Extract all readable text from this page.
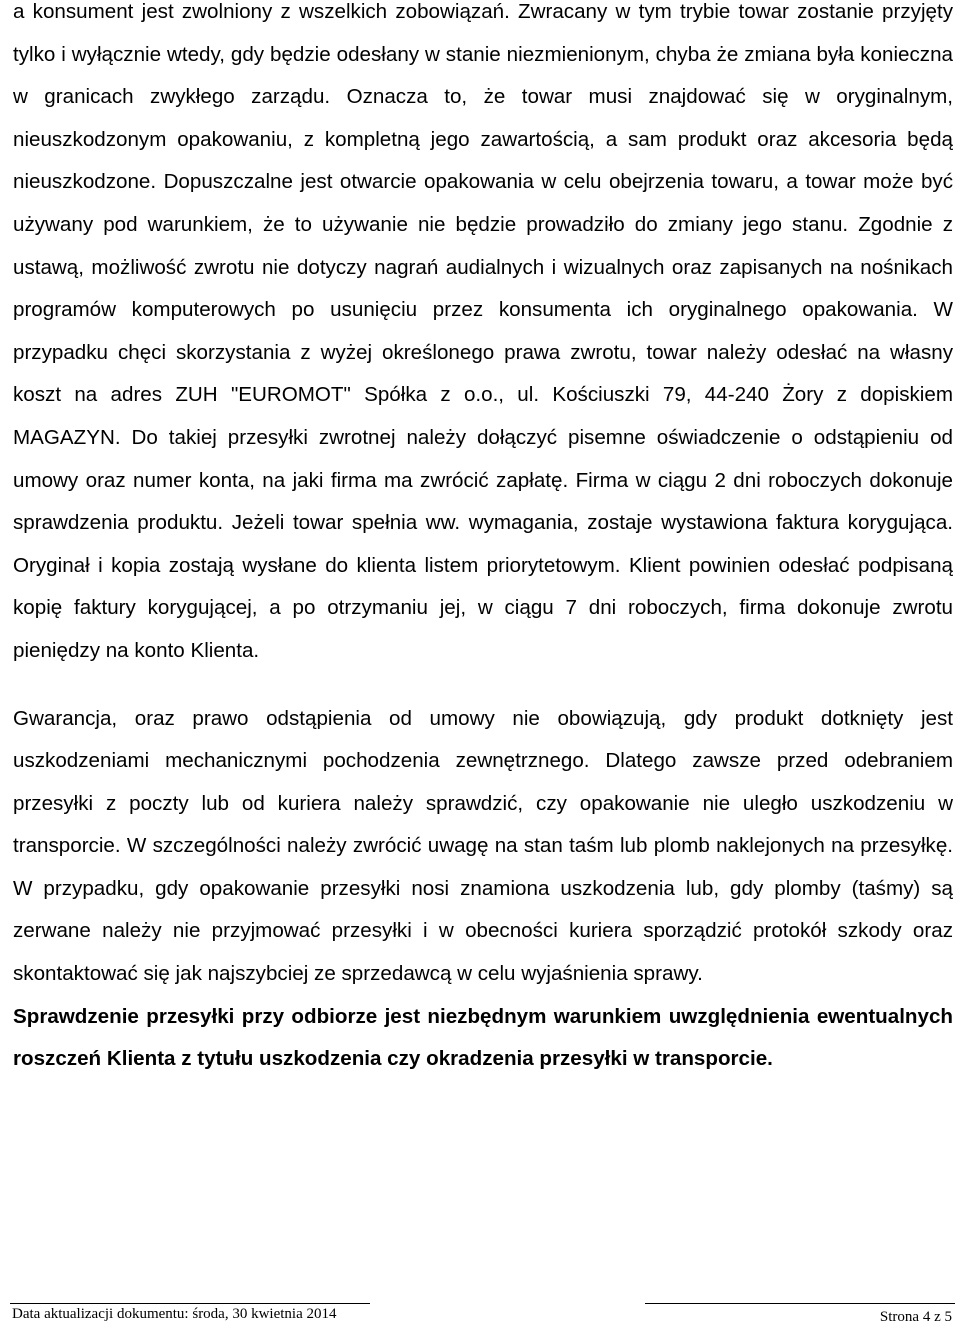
a konsument jest zwolniony z wszelkich zobowiązań. Zwracany w tym trybie towar zostanie przyjęty tylko i wyłącznie wtedy, gdy będzie odesłany w stanie niezmienionym, chyba że zmiana była konieczna w granicach zwykłego zarządu. Oznacza to, że towar musi znajdować się w oryginalnym, nieuszkodzonym opakowaniu, z kompletną jego zawartością, a sam produkt oraz akcesoria będą nieuszkodzone. Dopuszczalne jest otwarcie opakowania w celu obejrzenia towaru, a towar może być używany pod warunkiem, że to używanie nie będzie prowadziło do zmiany jego stanu. Zgodnie z ustawą, możliwość zwrotu nie dotyczy nagrań audialnych i wizualnych oraz zapisanych na nośnikach programów komputerowych po usunięciu przez konsumenta ich oryginalnego opakowania. W przypadku chęci skorzystania z wyżej określonego prawa zwrotu, towar należy odesłać na własny koszt na adres ZUH "EUROMOT" Spółka z o.o., ul. Kościuszki 79, 44-240 Żory z dopiskiem MAGAZYN. Do takiej przesyłki zwrotnej należy dołączyć pisemne oświadczenie o odstąpieniu od umowy oraz numer konta, na jaki firma ma zwrócić zapłatę. Firma w ciągu 2 dni roboczych dokonuje sprawdzenia produktu. Jeżeli towar spełnia ww. wymagania, zostaje wystawiona faktura korygująca. Oryginał i kopia zostają wysłane do klienta listem priorytetowym. Klient powinien odesłać podpisaną kopię faktury korygującej, a po otrzymaniu jej, w ciągu 7 dni roboczych, firma dokonuje zwrotu pieniędzy na konto Klienta.

Gwarancja, oraz prawo odstąpienia od umowy nie obowiązują, gdy produkt dotknięty jest uszkodzeniami mechanicznymi pochodzenia zewnętrznego. Dlatego zawsze przed odebraniem przesyłki z poczty lub od kuriera należy sprawdzić, czy opakowanie nie uległo uszkodzeniu w transporcie. W szczególności należy zwrócić uwagę na stan taśm lub plomb naklejonych na przesyłkę. W przypadku, gdy opakowanie przesyłki nosi znamiona uszkodzenia lub, gdy plomby (taśmy) są zerwane należy nie przyjmować przesyłki i w obecności kuriera sporządzić protokół szkody oraz skontaktować się jak najszybciej ze sprzedawcą w celu wyjaśnienia sprawy.

Sprawdzenie przesyłki przy odbiorze jest niezbędnym warunkiem uwzględnienia ewentualnych roszczeń Klienta z tytułu uszkodzenia czy okradzenia przesyłki w transporcie.

Data aktualizacji dokumentu: środa, 30 kwietnia 2014	Strona 4 z 5
